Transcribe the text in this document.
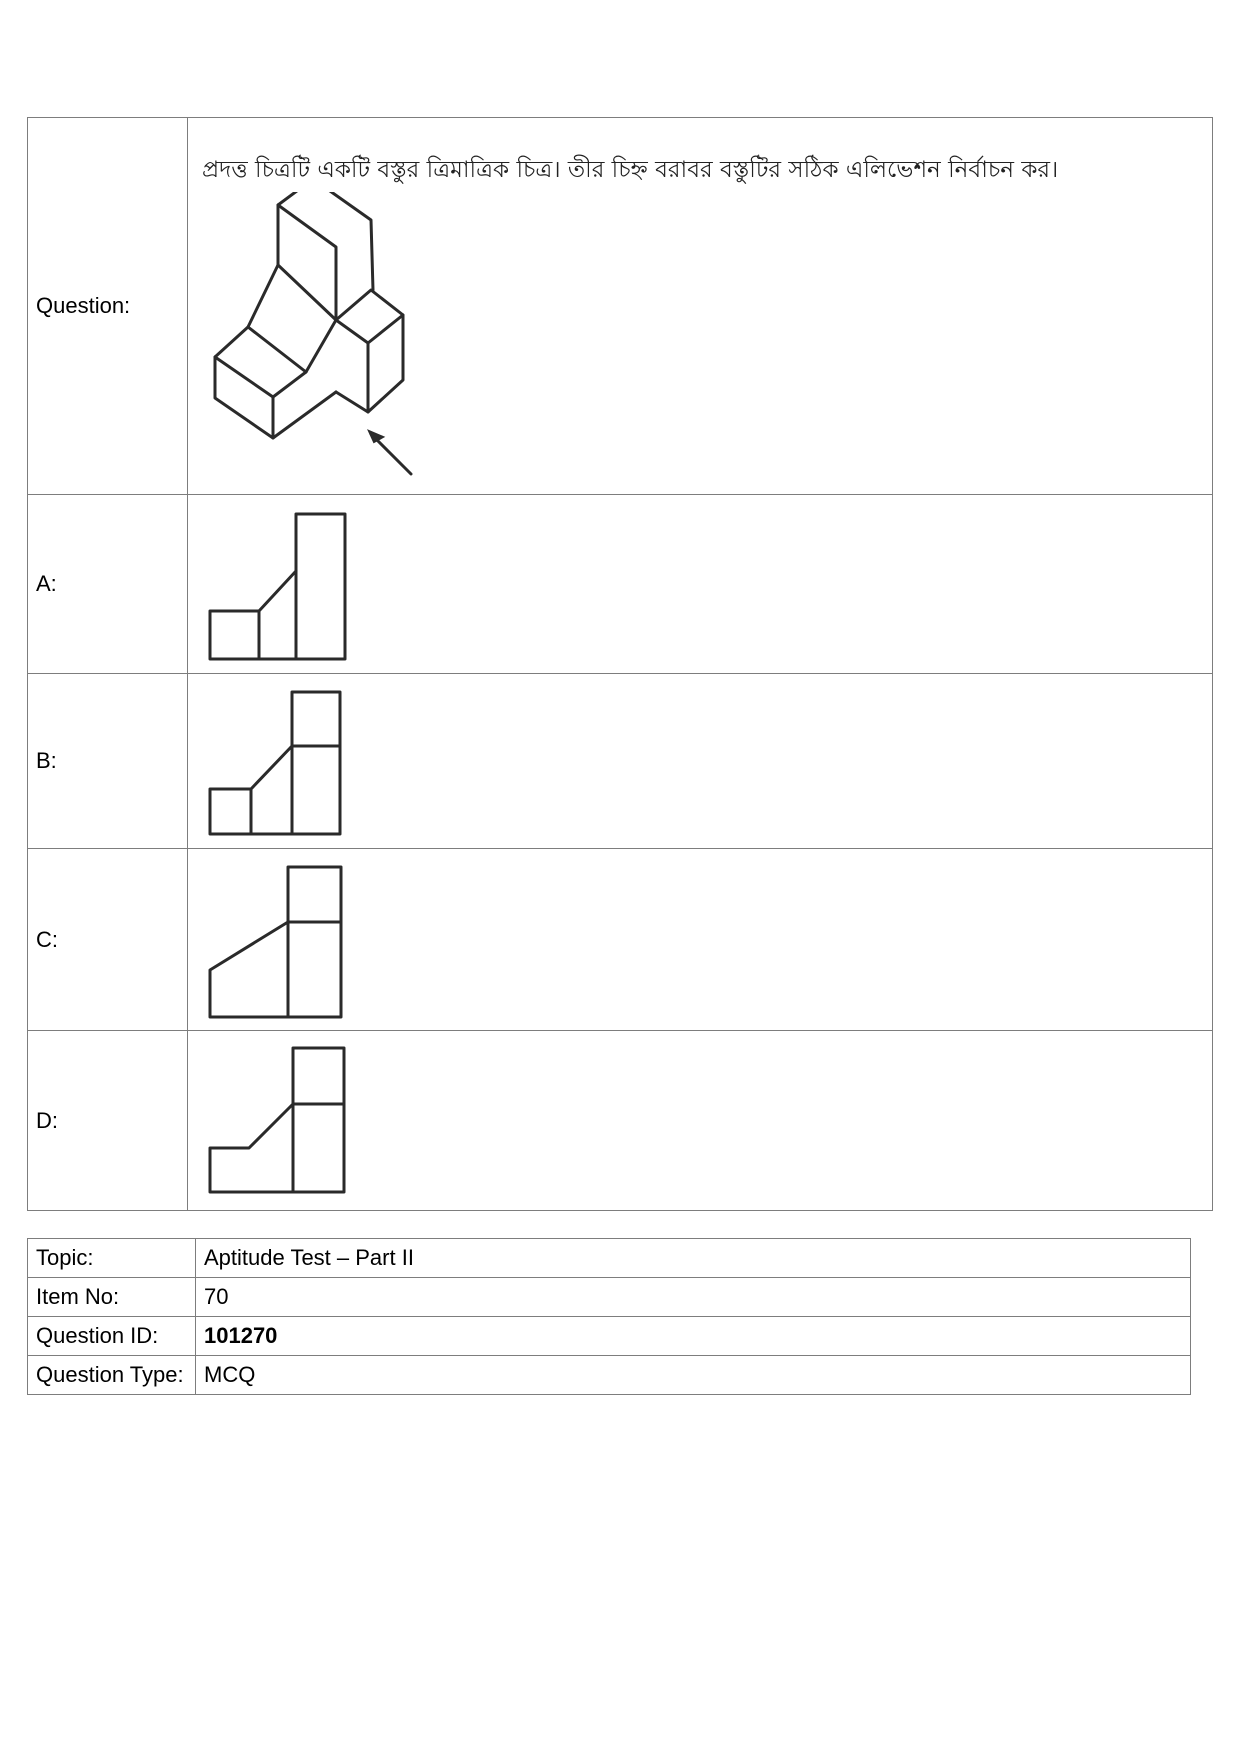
Question:	প্রদত্ত চিত্রটি একটি বস্তুর ত্রিমাত্রিক চিত্র। তীর চিহ্ন বরাবর বস্তুটির সঠিক এলিভেশন নির্বাচন কর।

A:	

B:	

C:	

D:	
Topic:	Aptitude Test – Part II
Item No:	70
Question ID:	101270
Question Type:	MCQ
